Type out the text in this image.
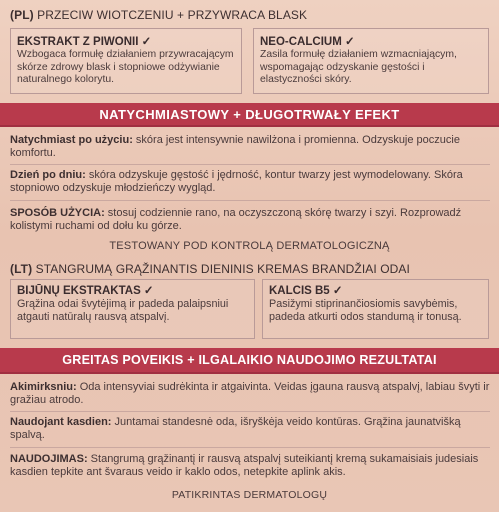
(PL) PRZECIW WIOTCZENIU + PRZYWRACA BLASK
EKSTRAKT Z PIWONII ✓
Wzbogaca formułę działaniem przywracającym skórze zdrowy blask i stopniowe odżywianie naturalnego kolorytu.
NEO-CALCIUM ✓
Zasila formułę działaniem wzmacniającym, wspomagając odzyskanie gęstości i elastyczności skóry.
NATYCHMIASTOWY + DŁUGOTRWAŁY EFEKT
Natychmiast po użyciu: skóra jest intensywnie nawilżona i promienna. Odzyskuje poczucie komfortu.
Dzień po dniu: skóra odzyskuje gęstość i jędrność, kontur twarzy jest wymodelowany. Skóra stopniowo odzyskuje młodzieńczy wygląd.
SPOSÓB UŻYCIA: stosuj codziennie rano, na oczyszczoną skórę twarzy i szyi. Rozprowadź kolistymi ruchami od dołu ku górze.
TESTOWANY POD KONTROLĄ DERMATOLOGICZNĄ
(LT) STANGRUMĄ GRĄŽINANTIS DIENINIS KREMAS BRANDŽIAI ODAI
BIJŪNŲ EKSTRAKTAS ✓
Grąžina odai švytėjimą ir padeda palaipsniui atgauti natūralų rausvą atspalvį.
KALCIS B5 ✓
Pasižymi stiprinančiosiomis savybėmis, padeda atkurti odos standumą ir tonusą.
GREITAS POVEIKIS + ILGALAIKIO NAUDOJIMO REZULTATAI
Akimirksniu: Oda intensyviai sudrėkinta ir atgaivinta. Veidas įgauna rausvą atspalvį, labiau švyti ir gražiau atrodo.
Naudojant kasdien: Juntamai standesnė oda, išryškėja veido kontūras. Grąžina jaunatvišką spalvą.
NAUDOJIMAS: Stangrumą grąžinantį ir rausvą atspalvį suteikiantį kremą sukamaisiais judesiais kasdien tepkite ant švaraus veido ir kaklo odos, netepkite aplink akis.
PATIKRINTAS DERMATOLOGŲ
